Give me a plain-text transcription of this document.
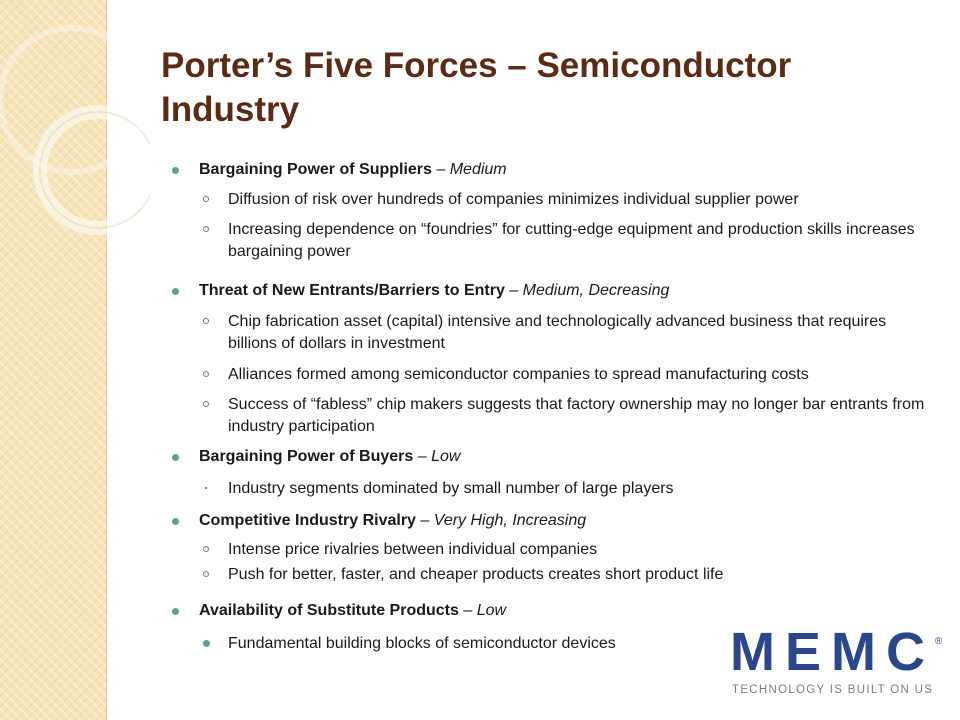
Porter’s Five Forces – Semiconductor Industry
Bargaining Power of Suppliers – Medium
Diffusion of risk over hundreds of companies minimizes individual supplier power
Increasing dependence on “foundries” for cutting-edge equipment and production skills increases bargaining power
Threat of New Entrants/Barriers to Entry – Medium, Decreasing
Chip fabrication asset (capital) intensive and technologically advanced business that requires billions of dollars in investment
Alliances formed among semiconductor companies to spread manufacturing costs
Success of “fabless” chip makers suggests that factory ownership may no longer bar entrants from industry participation
Bargaining Power of Buyers – Low
Industry segments dominated by small number of large players
Competitive Industry Rivalry – Very High, Increasing
Intense price rivalries between individual companies
Push for better, faster, and cheaper products creates short product life
Availability of Substitute Products – Low
Fundamental building blocks of semiconductor devices	MEMC ®
TECHNOLOGY IS BUILT ON US
